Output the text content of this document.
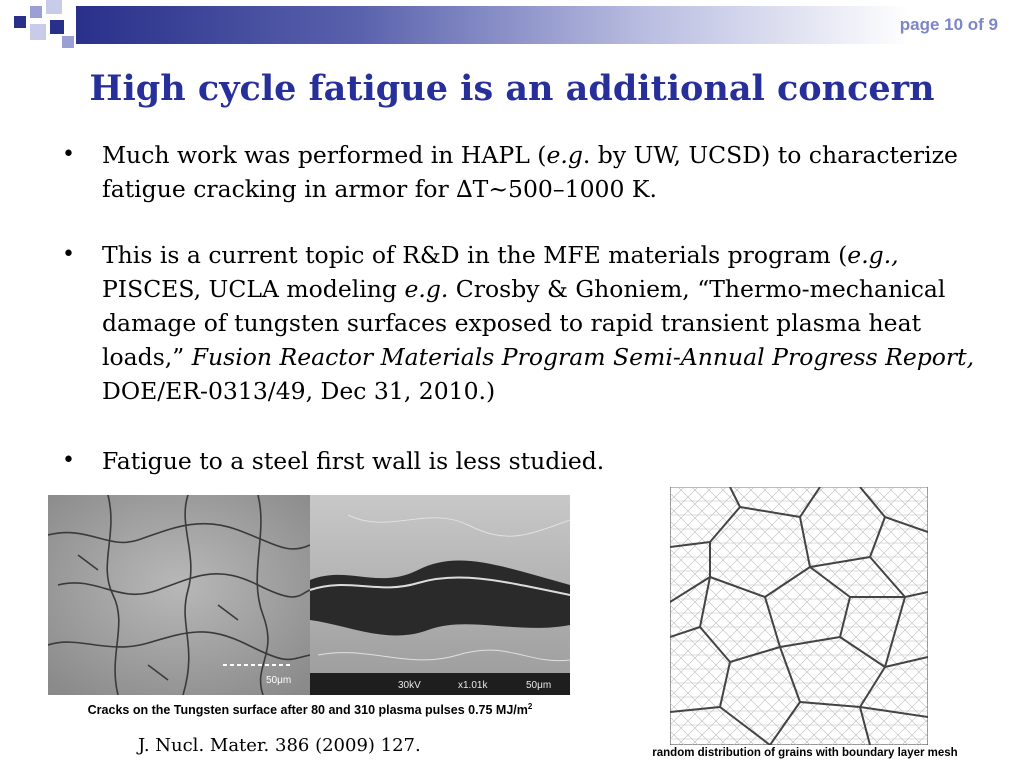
page 10 of 9
High cycle fatigue is an additional concern
• Much work was performed in HAPL (e.g. by UW, UCSD) to characterize fatigue cracking in armor for ∆T~500–1000 K.
• This is a current topic of R&D in the MFE materials program (e.g., PISCES, UCLA modeling e.g. Crosby & Ghoniem, “Thermo-mechanical damage of tungsten surfaces exposed to rapid transient plasma heat loads,” Fusion Reactor Materials Program Semi-Annual Progress Report, DOE/ER-0313/49, Dec 31, 2010.)
• Fatigue to a steel first wall is less studied.
50μm	30kV	x1.01k	50μm
Cracks on the Tungsten surface after 80 and 310 plasma pulses 0.75 $MJ/m^2$
J. Nucl. Mater. 386 (2009) 127.	random distribution of grains with boundary layer mesh
